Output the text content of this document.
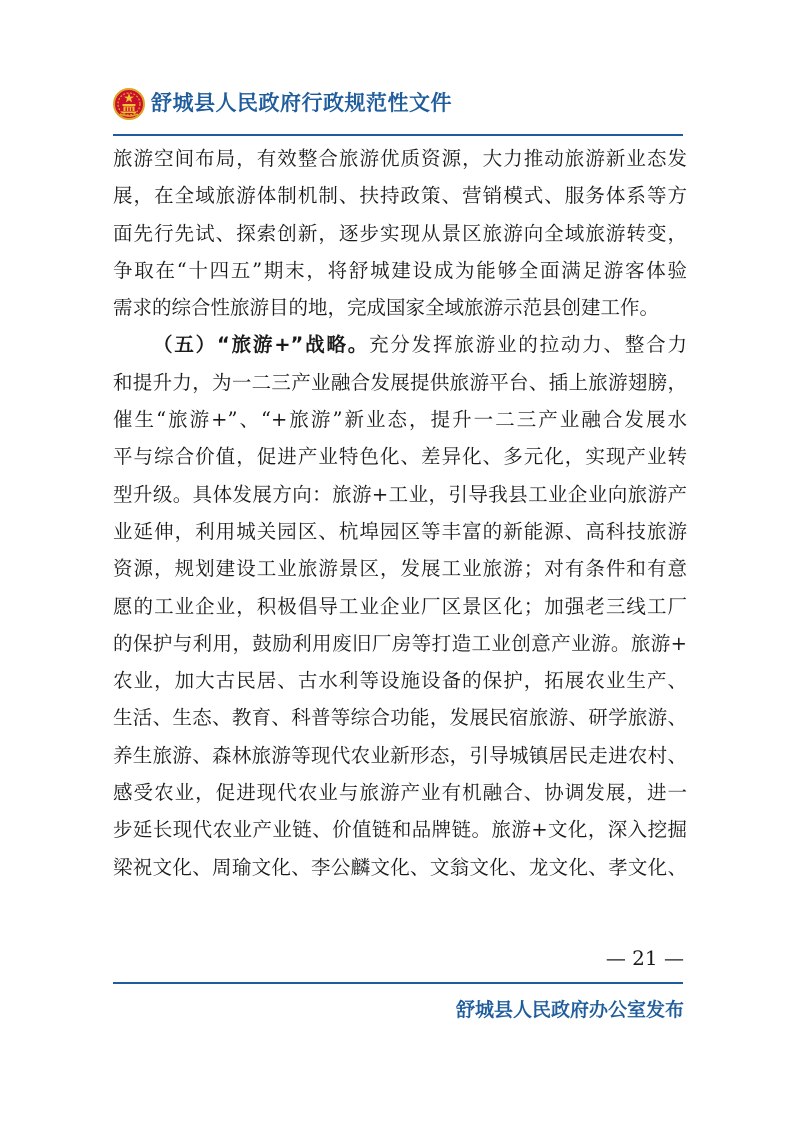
舒城县人民政府行政规范性文件
旅游空间布局，有效整合旅游优质资源，大力推动旅游新业态发
展，在全域旅游体制机制、扶持政策、营销模式、服务体系等方
面先行先试、探索创新，逐步实现从景区旅游向全域旅游转变，
争取在“十四五”期末，将舒城建设成为能够全面满足游客体验
需求的综合性旅游目的地，完成国家全域旅游示范县创建工作。
（五）“旅游+”战略。充分发挥旅游业的拉动力、整合力
和提升力，为一二三产业融合发展提供旅游平台、插上旅游翅膀，
催生“旅游+”、“+旅游”新业态，提升一二三产业融合发展水
平与综合价值，促进产业特色化、差异化、多元化，实现产业转
型升级。具体发展方向：旅游+工业，引导我县工业企业向旅游产
业延伸，利用城关园区、杭埠园区等丰富的新能源、高科技旅游
资源，规划建设工业旅游景区，发展工业旅游；对有条件和有意
愿的工业企业，积极倡导工业企业厂区景区化；加强老三线工厂
的保护与利用，鼓励利用废旧厂房等打造工业创意产业游。旅游+
农业，加大古民居、古水利等设施设备的保护，拓展农业生产、
生活、生态、教育、科普等综合功能，发展民宿旅游、研学旅游、
养生旅游、森林旅游等现代农业新形态，引导城镇居民走进农村、
感受农业，促进现代农业与旅游产业有机融合、协调发展，进一
步延长现代农业产业链、价值链和品牌链。旅游+文化，深入挖掘
梁祝文化、周瑜文化、李公麟文化、文翁文化、龙文化、孝文化、
— 21 —
舒城县人民政府办公室发布
